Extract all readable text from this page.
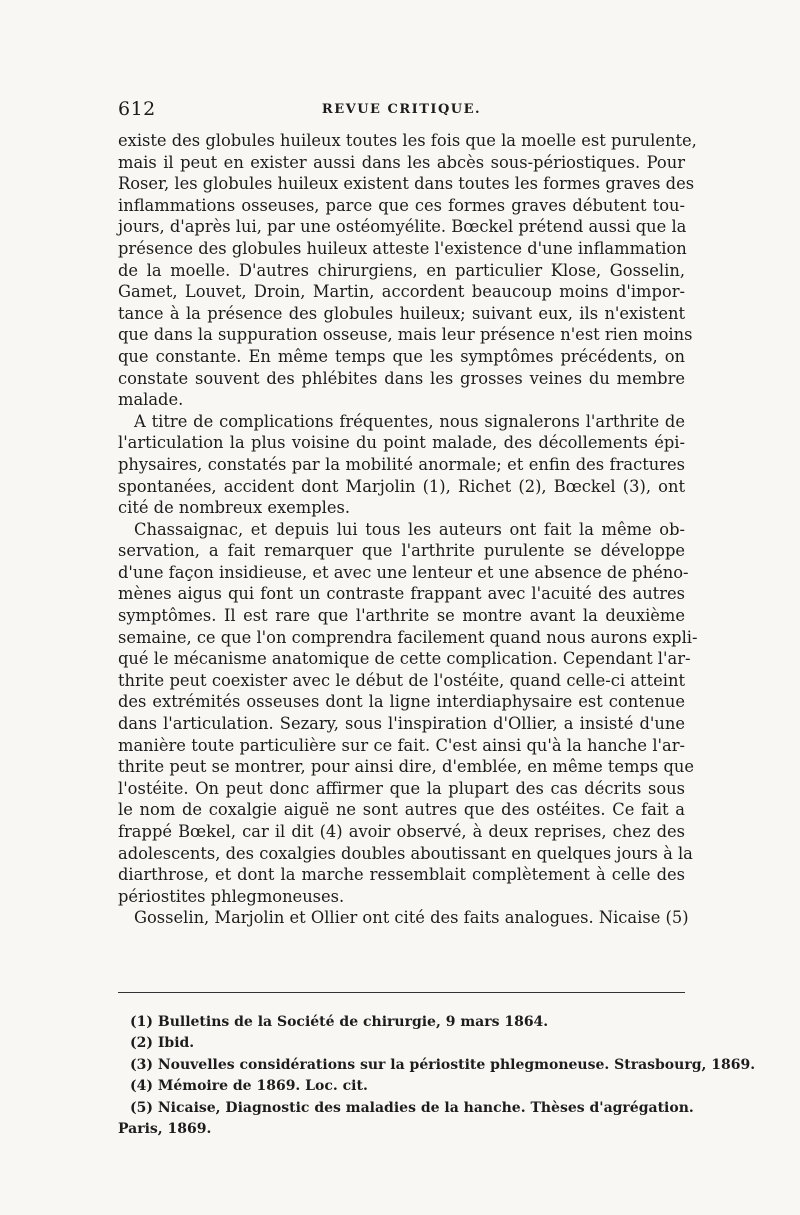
612	REVUE CRITIQUE.
existe des globules huileux toutes les fois que la moelle est purulente,
mais il peut en exister aussi dans les abcès sous-périostiques. Pour
Roser, les globules huileux existent dans toutes les formes graves des
inflammations osseuses, parce que ces formes graves débutent tou-
jours, d'après lui, par une ostéomyélite. Bœckel prétend aussi que la
présence des globules huileux atteste l'existence d'une inflammation
de la moelle. D'autres chirurgiens, en particulier Klose, Gosselin,
Gamet, Louvet, Droin, Martin, accordent beaucoup moins d'impor-
tance à la présence des globules huileux; suivant eux, ils n'existent
que dans la suppuration osseuse, mais leur présence n'est rien moins
que constante. En même temps que les symptômes précédents, on
constate souvent des phlébites dans les grosses veines du membre
malade.
A titre de complications fréquentes, nous signalerons l'arthrite de
l'articulation la plus voisine du point malade, des décollements épi-
physaires, constatés par la mobilité anormale; et enfin des fractures
spontanées, accident dont Marjolin (1), Richet (2), Bœckel (3), ont
cité de nombreux exemples.
Chassaignac, et depuis lui tous les auteurs ont fait la même ob-
servation, a fait remarquer que l'arthrite purulente se développe
d'une façon insidieuse, et avec une lenteur et une absence de phéno-
mènes aigus qui font un contraste frappant avec l'acuité des autres
symptômes. Il est rare que l'arthrite se montre avant la deuxième
semaine, ce que l'on comprendra facilement quand nous aurons expli-
qué le mécanisme anatomique de cette complication. Cependant l'ar-
thrite peut coexister avec le début de l'ostéite, quand celle-ci atteint
des extrémités osseuses dont la ligne interdiaphysaire est contenue
dans l'articulation. Sezary, sous l'inspiration d'Ollier, a insisté d'une
manière toute particulière sur ce fait. C'est ainsi qu'à la hanche l'ar-
thrite peut se montrer, pour ainsi dire, d'emblée, en même temps que
l'ostéite. On peut donc affirmer que la plupart des cas décrits sous
le nom de coxalgie aiguë ne sont autres que des ostéites. Ce fait a
frappé Bœkel, car il dit (4) avoir observé, à deux reprises, chez des
adolescents, des coxalgies doubles aboutissant en quelques jours à la
diarthrose, et dont la marche ressemblait complètement à celle des
périostites phlegmoneuses.
Gosselin, Marjolin et Ollier ont cité des faits analogues. Nicaise (5)
(1) Bulletins de la Société de chirurgie, 9 mars 1864.
(2) Ibid.
(3) Nouvelles considérations sur la périostite phlegmoneuse. Strasbourg, 1869.
(4) Mémoire de 1869. Loc. cit.
(5) Nicaise, Diagnostic des maladies de la hanche. Thèses d'agrégation.
Paris, 1869.
